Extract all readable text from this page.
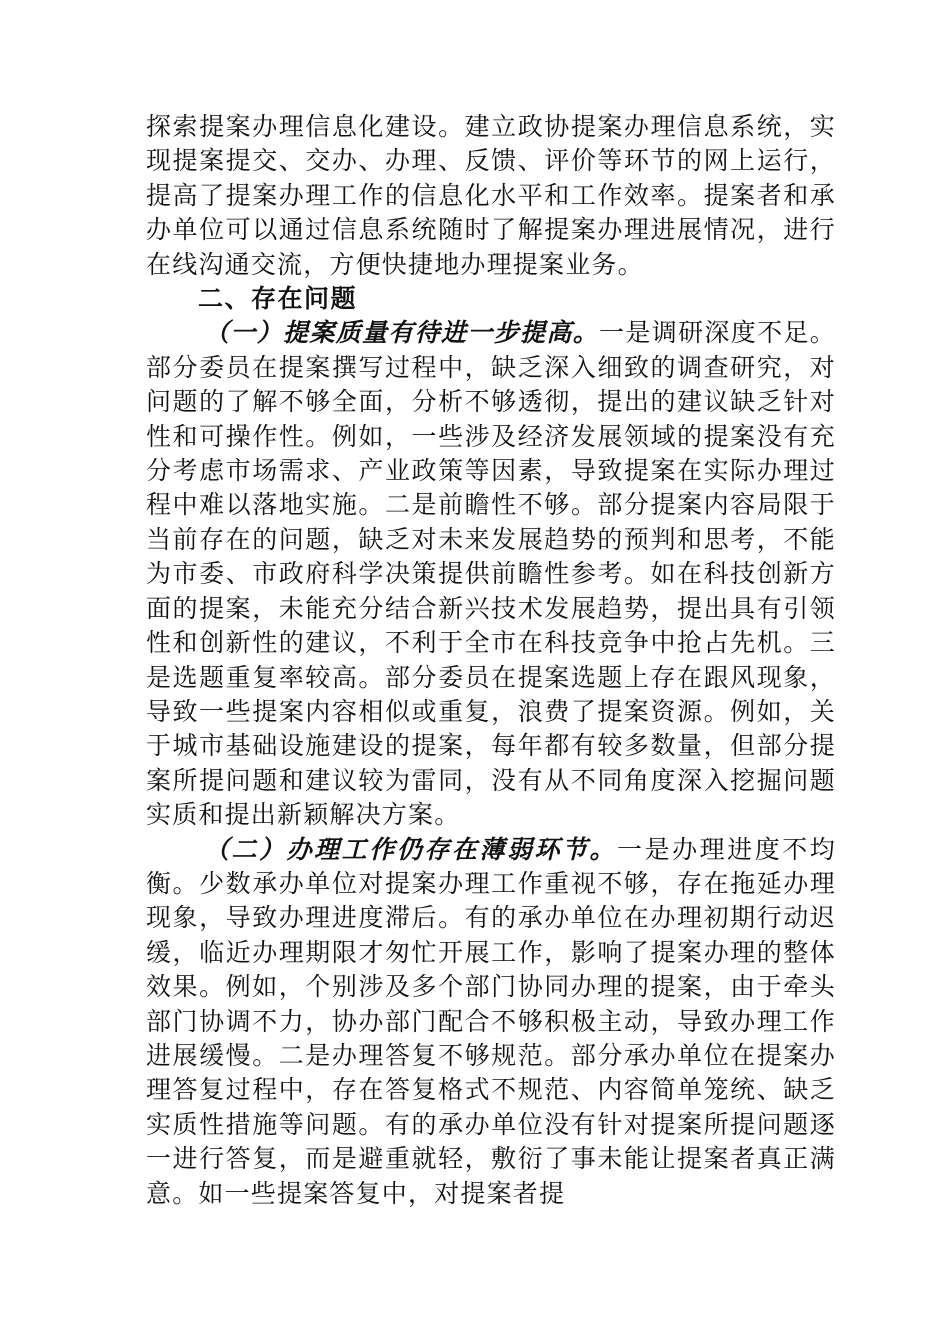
探索提案办理信息化建设。建立政协提案办理信息系统，实现提案提交、交办、办理、反馈、评价等环节的网上运行，提高了提案办理工作的信息化水平和工作效率。提案者和承办单位可以通过信息系统随时了解提案办理进展情况，进行在线沟通交流，方便快捷地办理提案业务。

二、存在问题

（一）提案质量有待进一步提高。一是调研深度不足。部分委员在提案撰写过程中，缺乏深入细致的调查研究，对问题的了解不够全面，分析不够透彻，提出的建议缺乏针对性和可操作性。例如，一些涉及经济发展领域的提案没有充分考虑市场需求、产业政策等因素，导致提案在实际办理过程中难以落地实施。二是前瞻性不够。部分提案内容局限于当前存在的问题，缺乏对未来发展趋势的预判和思考，不能为市委、市政府科学决策提供前瞻性参考。如在科技创新方面的提案，未能充分结合新兴技术发展趋势，提出具有引领性和创新性的建议，不利于全市在科技竞争中抢占先机。三是选题重复率较高。部分委员在提案选题上存在跟风现象，导致一些提案内容相似或重复，浪费了提案资源。例如，关于城市基础设施建设的提案，每年都有较多数量，但部分提案所提问题和建议较为雷同，没有从不同角度深入挖掘问题实质和提出新颖解决方案。

（二）办理工作仍存在薄弱环节。一是办理进度不均衡。少数承办单位对提案办理工作重视不够，存在拖延办理现象，导致办理进度滞后。有的承办单位在办理初期行动迟缓，临近办理期限才匆忙开展工作，影响了提案办理的整体效果。例如，个别涉及多个部门协同办理的提案，由于牵头部门协调不力，协办部门配合不够积极主动，导致办理工作进展缓慢。二是办理答复不够规范。部分承办单位在提案办理答复过程中，存在答复格式不规范、内容简单笼统、缺乏实质性措施等问题。有的承办单位没有针对提案所提问题逐一进行答复，而是避重就轻，敷衍了事未能让提案者真正满意。如一些提案答复中，对提案者提
